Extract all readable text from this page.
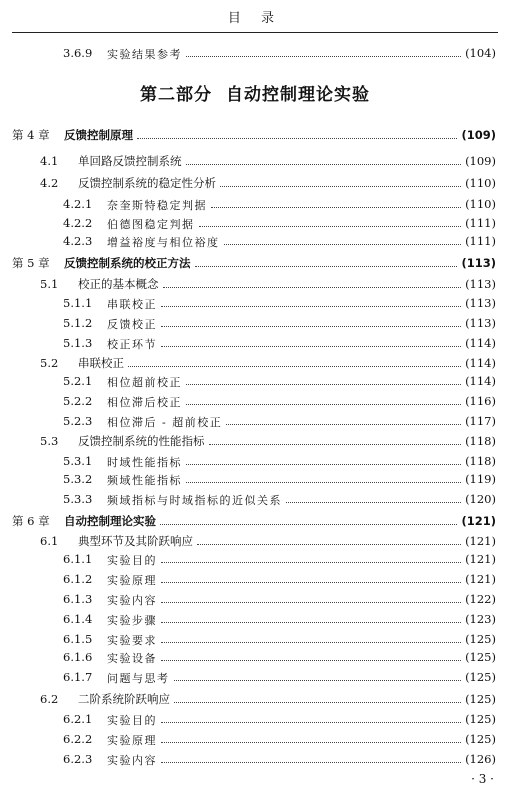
目 录
第二部分 自动控制理论实验
3.6.9	实验结果参考	(104)
第 4 章	反馈控制原理	(109)
4.1	单回路反馈控制系统	(109)
4.2	反馈控制系统的稳定性分析	(110)
4.2.1	奈奎斯特稳定判据	(110)
4.2.2	伯德图稳定判据	(111)
4.2.3	增益裕度与相位裕度	(111)
第 5 章	反馈控制系统的校正方法	(113)
5.1	校正的基本概念	(113)
5.1.1	串联校正	(113)
5.1.2	反馈校正	(113)
5.1.3	校正环节	(114)
5.2	串联校正	(114)
5.2.1	相位超前校正	(114)
5.2.2	相位滞后校正	(116)
5.2.3	相位滞后 - 超前校正	(117)
5.3	反馈控制系统的性能指标	(118)
5.3.1	时域性能指标	(118)
5.3.2	频域性能指标	(119)
5.3.3	频域指标与时域指标的近似关系	(120)
第 6 章	自动控制理论实验	(121)
6.1	典型环节及其阶跃响应	(121)
6.1.1	实验目的	(121)
6.1.2	实验原理	(121)
6.1.3	实验内容	(122)
6.1.4	实验步骤	(123)
6.1.5	实验要求	(125)
6.1.6	实验设备	(125)
6.1.7	问题与思考	(125)
6.2	二阶系统阶跃响应	(125)
6.2.1	实验目的	(125)
6.2.2	实验原理	(125)
6.2.3	实验内容	(126)
· 3 ·
